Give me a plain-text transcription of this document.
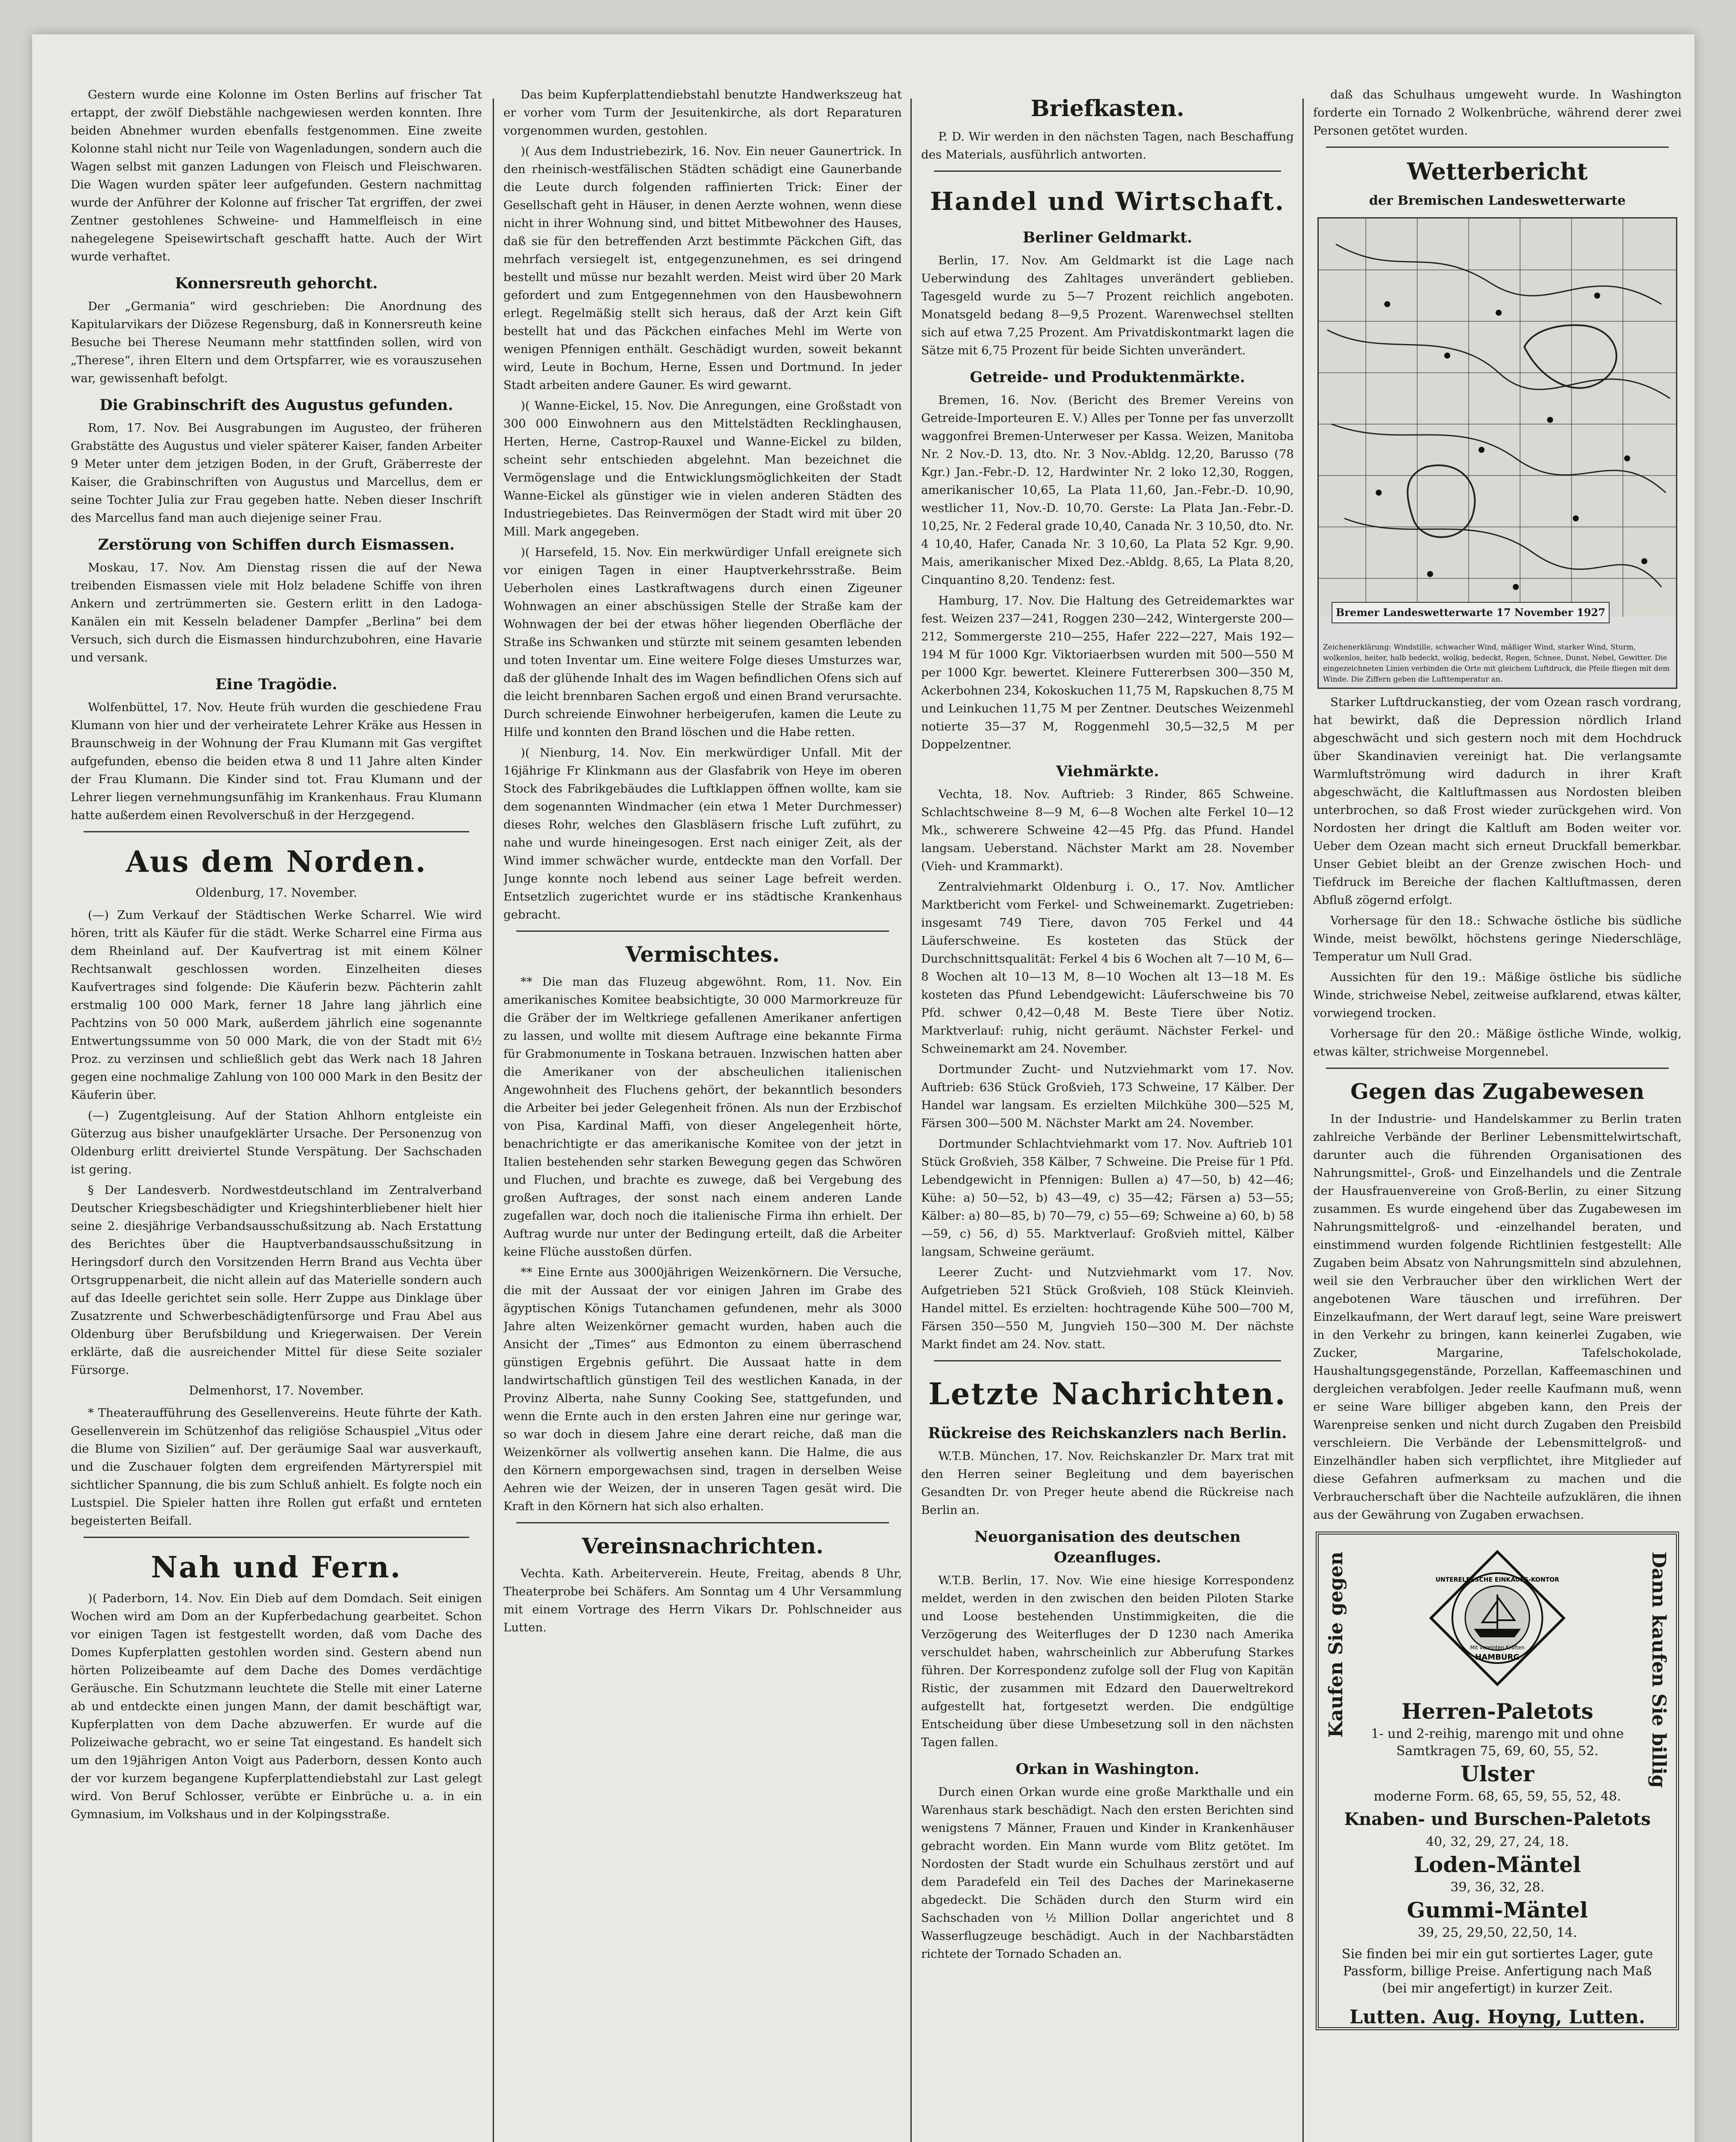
Gestern wurde eine Kolonne im Osten Berlins auf frischer Tat ertappt, der zwölf Diebstähle nachgewiesen werden konnten. Ihre beiden Abnehmer wurden ebenfalls festgenommen. Eine zweite Kolonne stahl nicht nur Teile von Wagenladungen, sondern auch die Wagen selbst mit ganzen Ladungen von Fleisch und Fleischwaren. Die Wagen wurden später leer aufgefunden. Gestern nachmittag wurde der Anführer der Kolonne auf frischer Tat ergriffen, der zwei Zentner gestohlenes Schweine- und Hammelfleisch in eine nahegelegene Speisewirtschaft geschafft hatte. Auch der Wirt wurde verhaftet.

Konnersreuth gehorcht.

Der „Germania“ wird geschrieben: Die Anordnung des Kapitularvikars der Diözese Regensburg, daß in Konnersreuth keine Besuche bei Therese Neumann mehr stattfinden sollen, wird von „Therese“, ihren Eltern und dem Ortspfarrer, wie es vorauszusehen war, gewissenhaft befolgt.

Die Grabinschrift des Augustus gefunden.

Rom, 17. Nov. Bei Ausgrabungen im Augusteo, der früheren Grabstätte des Augustus und vieler späterer Kaiser, fanden Arbeiter 9 Meter unter dem jetzigen Boden, in der Gruft, Gräberreste der Kaiser, die Grabinschriften von Augustus und Marcellus, dem er seine Tochter Julia zur Frau gegeben hatte. Neben dieser Inschrift des Marcellus fand man auch diejenige seiner Frau.

Zerstörung von Schiffen durch Eismassen.

Moskau, 17. Nov. Am Dienstag rissen die auf der Newa treibenden Eismassen viele mit Holz beladene Schiffe von ihren Ankern und zertrümmerten sie. Gestern erlitt in den Ladoga-Kanälen ein mit Kesseln beladener Dampfer „Berlina“ bei dem Versuch, sich durch die Eismassen hindurchzubohren, eine Havarie und versank.

Eine Tragödie.

Wolfenbüttel, 17. Nov. Heute früh wurden die geschiedene Frau Klumann von hier und der verheiratete Lehrer Kräke aus Hessen in Braunschweig in der Wohnung der Frau Klumann mit Gas vergiftet aufgefunden, ebenso die beiden etwa 8 und 11 Jahre alten Kinder der Frau Klumann. Die Kinder sind tot. Frau Klumann und der Lehrer liegen vernehmungsunfähig im Krankenhaus. Frau Klumann hatte außerdem einen Revolverschuß in der Herzgegend.

Aus dem Norden.
Oldenburg, 17. November.

(—) Zum Verkauf der Städtischen Werke Scharrel. Wie wird hören, tritt als Käufer für die städt. Werke Scharrel eine Firma aus dem Rheinland auf. Der Kaufvertrag ist mit einem Kölner Rechtsanwalt geschlossen worden. Einzelheiten dieses Kaufvertrages sind folgende: Die Käuferin bezw. Pächterin zahlt erstmalig 100 000 Mark, ferner 18 Jahre lang jährlich eine Pachtzins von 50 000 Mark, außerdem jährlich eine sogenannte Entwertungssumme von 50 000 Mark, die von der Stadt mit 6½ Proz. zu verzinsen und schließlich gebt das Werk nach 18 Jahren gegen eine nochmalige Zahlung von 100 000 Mark in den Besitz der Käuferin über.

(—) Zugentgleisung. Auf der Station Ahlhorn entgleiste ein Güterzug aus bisher unaufgeklärter Ursache. Der Personenzug von Oldenburg erlitt dreiviertel Stunde Verspätung. Der Sachschaden ist gering.

§ Der Landesverb. Nordwestdeutschland im Zentralverband Deutscher Kriegsbeschädigter und Kriegshinterbliebener hielt hier seine 2. diesjährige Verbandsausschußsitzung ab. Nach Erstattung des Berichtes über die Hauptverbandsausschußsitzung in Heringsdorf durch den Vorsitzenden Herrn Brand aus Vechta über Ortsgruppenarbeit, die nicht allein auf das Materielle sondern auch auf das Ideelle gerichtet sein solle. Herr Zuppe aus Dinklage über Zusatzrente und Schwerbeschädigtenfürsorge und Frau Abel aus Oldenburg über Berufsbildung und Kriegerwaisen. Der Verein erklärte, daß die ausreichender Mittel für diese Seite sozialer Fürsorge.

Delmenhorst, 17. November.

* Theateraufführung des Gesellenvereins. Heute führte der Kath. Gesellenverein im Schützenhof das religiöse Schauspiel „Vitus oder die Blume von Sizilien“ auf. Der geräumige Saal war ausverkauft, und die Zuschauer folgten dem ergreifenden Märtyrerspiel mit sichtlicher Spannung, die bis zum Schluß anhielt. Es folgte noch ein Lustspiel. Die Spieler hatten ihre Rollen gut erfaßt und ernteten begeisterten Beifall.

Nah und Fern.

)( Paderborn, 14. Nov. Ein Dieb auf dem Domdach. Seit einigen Wochen wird am Dom an der Kupferbedachung gearbeitet. Schon vor einigen Tagen ist festgestellt worden, daß vom Dache des Domes Kupferplatten gestohlen worden sind. Gestern abend nun hörten Polizeibeamte auf dem Dache des Domes verdächtige Geräusche. Ein Schutzmann leuchtete die Stelle mit einer Laterne ab und entdeckte einen jungen Mann, der damit beschäftigt war, Kupferplatten von dem Dache abzuwerfen. Er wurde auf die Polizeiwache gebracht, wo er seine Tat eingestand. Es handelt sich um den 19jährigen Anton Voigt aus Paderborn, dessen Konto auch der vor kurzem begangene Kupferplattendiebstahl zur Last gelegt wird. Von Beruf Schlosser, verübte er Einbrüche u. a. in ein Gymnasium, im Volkshaus und in der Kolpingsstraße.

Das beim Kupferplattendiebstahl benutzte Handwerkszeug hat er vorher vom Turm der Jesuitenkirche, als dort Reparaturen vorgenommen wurden, gestohlen.

)( Aus dem Industriebezirk, 16. Nov. Ein neuer Gaunertrick. In den rheinisch-westfälischen Städten schädigt eine Gaunerbande die Leute durch folgenden raffinierten Trick: Einer der Gesellschaft geht in Häuser, in denen Aerzte wohnen, wenn diese nicht in ihrer Wohnung sind, und bittet Mitbewohner des Hauses, daß sie für den betreffenden Arzt bestimmte Päckchen Gift, das mehrfach versiegelt ist, entgegenzunehmen, es sei dringend bestellt und müsse nur bezahlt werden. Meist wird über 20 Mark gefordert und zum Entgegennehmen von den Hausbewohnern erlegt. Regelmäßig stellt sich heraus, daß der Arzt kein Gift bestellt hat und das Päckchen einfaches Mehl im Werte von wenigen Pfennigen enthält. Geschädigt wurden, soweit bekannt wird, Leute in Bochum, Herne, Essen und Dortmund. In jeder Stadt arbeiten andere Gauner. Es wird gewarnt.

)( Wanne-Eickel, 15. Nov. Die Anregungen, eine Großstadt von 300 000 Einwohnern aus den Mittelstädten Recklinghausen, Herten, Herne, Castrop-Rauxel und Wanne-Eickel zu bilden, scheint sehr entschieden abgelehnt. Man bezeichnet die Vermögenslage und die Entwicklungsmöglichkeiten der Stadt Wanne-Eickel als günstiger wie in vielen anderen Städten des Industriegebietes. Das Reinvermögen der Stadt wird mit über 20 Mill. Mark angegeben.

)( Harsefeld, 15. Nov. Ein merkwürdiger Unfall ereignete sich vor einigen Tagen in einer Hauptverkehrsstraße. Beim Ueberholen eines Lastkraftwagens durch einen Zigeuner Wohnwagen an einer abschüssigen Stelle der Straße kam der Wohnwagen der bei der etwas höher liegenden Oberfläche der Straße ins Schwanken und stürzte mit seinem gesamten lebenden und toten Inventar um. Eine weitere Folge dieses Umsturzes war, daß der glühende Inhalt des im Wagen befindlichen Ofens sich auf die leicht brennbaren Sachen ergoß und einen Brand verursachte. Durch schreiende Einwohner herbeigerufen, kamen die Leute zu Hilfe und konnten den Brand löschen und die Habe retten.

)( Nienburg, 14. Nov. Ein merkwürdiger Unfall. Mit der 16jährige Fr Klinkmann aus der Glasfabrik von Heye im oberen Stock des Fabrikgebäudes die Luftklappen öffnen wollte, kam sie dem sogenannten Windmacher (ein etwa 1 Meter Durchmesser) dieses Rohr, welches den Glasbläsern frische Luft zuführt, zu nahe und wurde hineingesogen. Erst nach einiger Zeit, als der Wind immer schwächer wurde, entdeckte man den Vorfall. Der Junge konnte noch lebend aus seiner Lage befreit werden. Entsetzlich zugerichtet wurde er ins städtische Krankenhaus gebracht.

Vermischtes.

** Die man das Fluzeug abgewöhnt. Rom, 11. Nov. Ein amerikanisches Komitee beabsichtigte, 30 000 Marmorkreuze für die Gräber der im Weltkriege gefallenen Amerikaner anfertigen zu lassen, und wollte mit diesem Auftrage eine bekannte Firma für Grabmonumente in Toskana betrauen. Inzwischen hatten aber die Amerikaner von der abscheulichen italienischen Angewohnheit des Fluchens gehört, der bekanntlich besonders die Arbeiter bei jeder Gelegenheit frönen. Als nun der Erzbischof von Pisa, Kardinal Maffi, von dieser Angelegenheit hörte, benachrichtigte er das amerikanische Komitee von der jetzt in Italien bestehenden sehr starken Bewegung gegen das Schwören und Fluchen, und brachte es zuwege, daß bei Vergebung des großen Auftrages, der sonst nach einem anderen Lande zugefallen war, doch noch die italienische Firma ihn erhielt. Der Auftrag wurde nur unter der Bedingung erteilt, daß die Arbeiter keine Flüche ausstoßen dürfen.

** Eine Ernte aus 3000jährigen Weizenkörnern. Die Versuche, die mit der Aussaat der vor einigen Jahren im Grabe des ägyptischen Königs Tutanchamen gefundenen, mehr als 3000 Jahre alten Weizenkörner gemacht wurden, haben auch die Ansicht der „Times“ aus Edmonton zu einem überraschend günstigen Ergebnis geführt. Die Aussaat hatte in dem landwirtschaftlich günstigen Teil des westlichen Kanada, in der Provinz Alberta, nahe Sunny Cooking See, stattgefunden, und wenn die Ernte auch in den ersten Jahren eine nur geringe war, so war doch in diesem Jahre eine derart reiche, daß man die Weizenkörner als vollwertig ansehen kann. Die Halme, die aus den Körnern emporgewachsen sind, tragen in derselben Weise Aehren wie der Weizen, der in unseren Tagen gesät wird. Die Kraft in den Körnern hat sich also erhalten.

Vereinsnachrichten.

Vechta. Kath. Arbeiterverein. Heute, Freitag, abends 8 Uhr, Theaterprobe bei Schäfers. Am Sonntag um 4 Uhr Versammlung mit einem Vortrage des Herrn Vikars Dr. Pohlschneider aus Lutten.

Briefkasten.

P. D. Wir werden in den nächsten Tagen, nach Beschaffung des Materials, ausführlich antworten.

Handel und Wirtschaft.
Berliner Geldmarkt.

Berlin, 17. Nov. Am Geldmarkt ist die Lage nach Ueberwindung des Zahltages unverändert geblieben. Tagesgeld wurde zu 5—7 Prozent reichlich angeboten. Monatsgeld bedang 8—9,5 Prozent. Warenwechsel stellten sich auf etwa 7,25 Prozent. Am Privatdiskontmarkt lagen die Sätze mit 6,75 Prozent für beide Sichten unverändert.

Getreide- und Produktenmärkte.

Bremen, 16. Nov. (Bericht des Bremer Vereins von Getreide-Importeuren E. V.) Alles per Tonne per fas unverzollt waggonfrei Bremen-Unterweser per Kassa. Weizen, Manitoba Nr. 2 Nov.-D. 13, dto. Nr. 3 Nov.-Abldg. 12,20, Barusso (78 Kgr.) Jan.-Febr.-D. 12, Hardwinter Nr. 2 loko 12,30, Roggen, amerikanischer 10,65, La Plata 11,60, Jan.-Febr.-D. 10,90, westlicher 11, Nov.-D. 10,70. Gerste: La Plata Jan.-Febr.-D. 10,25, Nr. 2 Federal grade 10,40, Canada Nr. 3 10,50, dto. Nr. 4 10,40, Hafer, Canada Nr. 3 10,60, La Plata 52 Kgr. 9,90. Mais, amerikanischer Mixed Dez.-Abldg. 8,65, La Plata 8,20, Cinquantino 8,20. Tendenz: fest.

Hamburg, 17. Nov. Die Haltung des Getreidemarktes war fest. Weizen 237—241, Roggen 230—242, Wintergerste 200—212, Sommergerste 210—255, Hafer 222—227, Mais 192—194 M für 1000 Kgr. Viktoriaerbsen wurden mit 500—550 M per 1000 Kgr. bewertet. Kleinere Futtererbsen 300—350 M, Ackerbohnen 234, Kokoskuchen 11,75 M, Rapskuchen 8,75 M und Leinkuchen 11,75 M per Zentner. Deutsches Weizenmehl notierte 35—37 M, Roggenmehl 30,5—32,5 M per Doppelzentner.

Viehmärkte.

Vechta, 18. Nov. Auftrieb: 3 Rinder, 865 Schweine. Schlachtschweine 8—9 M, 6—8 Wochen alte Ferkel 10—12 Mk., schwerere Schweine 42—45 Pfg. das Pfund. Handel langsam. Ueberstand. Nächster Markt am 28. November (Vieh- und Krammarkt).

Zentralviehmarkt Oldenburg i. O., 17. Nov. Amtlicher Marktbericht vom Ferkel- und Schweinemarkt. Zugetrieben: insgesamt 749 Tiere, davon 705 Ferkel und 44 Läuferschweine. Es kosteten das Stück der Durchschnittsqualität: Ferkel 4 bis 6 Wochen alt 7—10 M, 6—8 Wochen alt 10—13 M, 8—10 Wochen alt 13—18 M. Es kosteten das Pfund Lebendgewicht: Läuferschweine bis 70 Pfd. schwer 0,42—0,48 M. Beste Tiere über Notiz. Marktverlauf: ruhig, nicht geräumt. Nächster Ferkel- und Schweinemarkt am 24. November.

Dortmunder Zucht- und Nutzviehmarkt vom 17. Nov. Auftrieb: 636 Stück Großvieh, 173 Schweine, 17 Kälber. Der Handel war langsam. Es erzielten Milchkühe 300—525 M, Färsen 300—500 M. Nächster Markt am 24. November.

Dortmunder Schlachtviehmarkt vom 17. Nov. Auftrieb 101 Stück Großvieh, 358 Kälber, 7 Schweine. Die Preise für 1 Pfd. Lebendgewicht in Pfennigen: Bullen a) 47—50, b) 42—46; Kühe: a) 50—52, b) 43—49, c) 35—42; Färsen a) 53—55; Kälber: a) 80—85, b) 70—79, c) 55—69; Schweine a) 60, b) 58—59, c) 56, d) 55. Marktverlauf: Großvieh mittel, Kälber langsam, Schweine geräumt.

Leerer Zucht- und Nutzviehmarkt vom 17. Nov. Aufgetrieben 521 Stück Großvieh, 108 Stück Kleinvieh. Handel mittel. Es erzielten: hochtragende Kühe 500—700 M, Färsen 350—550 M, Jungvieh 150—300 M. Der nächste Markt findet am 24. Nov. statt.

Letzte Nachrichten.
Rückreise des Reichskanzlers nach Berlin.

W.T.B. München, 17. Nov. Reichskanzler Dr. Marx trat mit den Herren seiner Begleitung und dem bayerischen Gesandten Dr. von Preger heute abend die Rückreise nach Berlin an.

Neuorganisation des deutschen Ozeanfluges.

W.T.B. Berlin, 17. Nov. Wie eine hiesige Korrespondenz meldet, werden in den zwischen den beiden Piloten Starke und Loose bestehenden Unstimmigkeiten, die die Verzögerung des Weiterfluges der D 1230 nach Amerika verschuldet haben, wahrscheinlich zur Abberufung Starkes führen. Der Korrespondenz zufolge soll der Flug von Kapitän Ristic, der zusammen mit Edzard den Dauerweltrekord aufgestellt hat, fortgesetzt werden. Die endgültige Entscheidung über diese Umbesetzung soll in den nächsten Tagen fallen.

Orkan in Washington.

Durch einen Orkan wurde eine große Markthalle und ein Warenhaus stark beschädigt. Nach den ersten Berichten sind wenigstens 7 Männer, Frauen und Kinder in Krankenhäuser gebracht worden. Ein Mann wurde vom Blitz getötet. Im Nordosten der Stadt wurde ein Schulhaus zerstört und auf dem Paradefeld ein Teil des Daches der Marinekaserne abgedeckt. Die Schäden durch den Sturm wird ein Sachschaden von ½ Million Dollar angerichtet und 8 Wasserflugzeuge beschädigt. Auch in der Nachbarstädten richtete der Tornado Schaden an.

daß das Schulhaus umgeweht wurde. In Washington forderte ein Tornado 2 Wolkenbrüche, während derer zwei Personen getötet wurden.

Wetterbericht
der Bremischen Landeswetterwarte
Bremer Landeswetterwarte 17 November 1927
Zeichenerklärung: Windstille, schwacher Wind, mäßiger Wind, starker Wind, Sturm, wolkenlos, heiter, halb bedeckt, wolkig, bedeckt, Regen, Schnee, Dunst, Nebel, Gewitter. Die eingezeichneten Linien verbinden die Orte mit gleichem Luftdruck, die Pfeile fliegen mit dem Winde. Die Ziffern geben die Lufttemperatur an.

Starker Luftdruckanstieg, der vom Ozean rasch vordrang, hat bewirkt, daß die Depression nördlich Irland abgeschwächt und sich gestern noch mit dem Hochdruck über Skandinavien vereinigt hat. Die verlangsamte Warmluftströmung wird dadurch in ihrer Kraft abgeschwächt, die Kaltluftmassen aus Nordosten bleiben unterbrochen, so daß Frost wieder zurückgehen wird. Von Nordosten her dringt die Kaltluft am Boden weiter vor. Ueber dem Ozean macht sich erneut Druckfall bemerkbar. Unser Gebiet bleibt an der Grenze zwischen Hoch- und Tiefdruck im Bereiche der flachen Kaltluftmassen, deren Abfluß zögernd erfolgt.

Vorhersage für den 18.: Schwache östliche bis südliche Winde, meist bewölkt, höchstens geringe Niederschläge, Temperatur um Null Grad.

Aussichten für den 19.: Mäßige östliche bis südliche Winde, strichweise Nebel, zeitweise aufklarend, etwas kälter, vorwiegend trocken.

Vorhersage für den 20.: Mäßige östliche Winde, wolkig, etwas kälter, strichweise Morgennebel.

Gegen das Zugabewesen

In der Industrie- und Handelskammer zu Berlin traten zahlreiche Verbände der Berliner Lebensmittelwirtschaft, darunter auch die führenden Organisationen des Nahrungsmittel-, Groß- und Einzelhandels und die Zentrale der Hausfrauenvereine von Groß-Berlin, zu einer Sitzung zusammen. Es wurde eingehend über das Zugabewesen im Nahrungsmittelgroß- und -einzelhandel beraten, und einstimmend wurden folgende Richtlinien festgestellt: Alle Zugaben beim Absatz von Nahrungsmitteln sind abzulehnen, weil sie den Verbraucher über den wirklichen Wert der angebotenen Ware täuschen und irreführen. Der Einzelkaufmann, der Wert darauf legt, seine Ware preiswert in den Verkehr zu bringen, kann keinerlei Zugaben, wie Zucker, Margarine, Tafelschokolade, Haushaltungsgegenstände, Porzellan, Kaffeemaschinen und dergleichen verabfolgen. Jeder reelle Kaufmann muß, wenn er seine Ware billiger abgeben kann, den Preis der Warenpreise senken und nicht durch Zugaben den Preisbild verschleiern. Die Verbände der Lebensmittelgroß- und Einzelhändler haben sich verpflichtet, ihre Mitglieder auf diese Gefahren aufmerksam zu machen und die Verbraucherschaft über die Nachteile aufzuklären, die ihnen aus der Gewährung von Zugaben erwachsen.

Kaufen Sie gegen	Dann kaufen Sie billig
UNTERELBESCHE EINKAUFS-KONTOR
Mit vereinten Kräften
HAMBURG
Herren-Paletots
1- und 2-reihig, marengo mit und ohne Samtkragen 75, 69, 60, 55, 52.
Ulster
moderne Form. 68, 65, 59, 55, 52, 48.
Knaben- und Burschen-Paletots
40, 32, 29, 27, 24, 18.
Loden-Mäntel
39, 36, 32, 28.
Gummi-Mäntel
39, 25, 29,50, 22,50, 14.
Sie finden bei mir ein gut sortiertes Lager, gute Passform, billige Preise. Anfertigung nach Maß (bei mir angefertigt) in kurzer Zeit.
Lutten. Aug. Hoyng, Lutten.
